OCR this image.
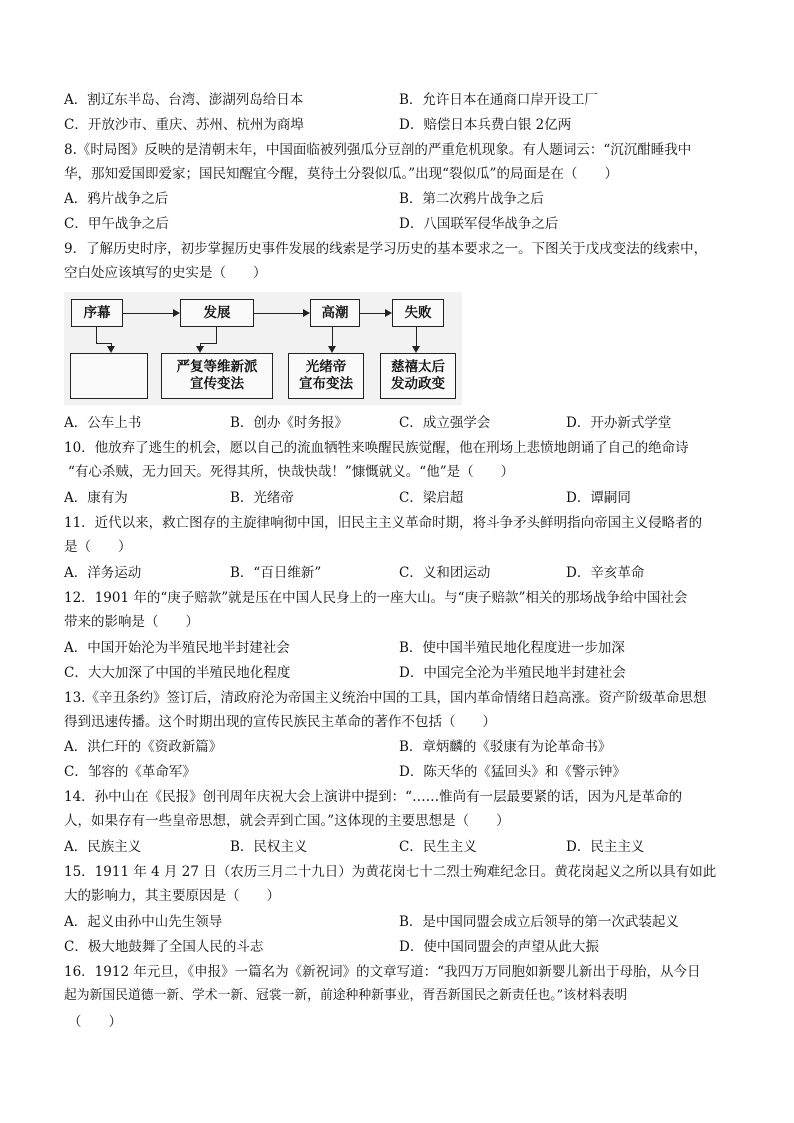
A．割辽东半岛、台湾、澎湖列岛给日本	B．允许日本在通商口岸开设工厂
C．开放沙市、重庆、苏州、杭州为商埠	D．赔偿日本兵费白银 2亿两
8.《时局图》反映的是清朝末年，中国面临被列强瓜分豆剖的严重危机现象。有人题词云：“沉沉酣睡我中
华，那知爱国即爱家；国民知醒宜今醒，莫待土分裂似瓜。”出现“裂似瓜”的局面是在（　　）
A．鸦片战争之后	B．第二次鸦片战争之后
C．甲午战争之后	D．八国联军侵华战争之后
9．了解历史时序，初步掌握历史事件发展的线索是学习历史的基本要求之一。下图关于戊戌变法的线索中，
空白处应该填写的史实是（　　）
序幕	发展	高潮	失败
严复等维新派
宣传变法
光绪帝
宣布变法
慈禧太后
发动政变
A．公车上书	B．创办《时务报》	C．成立强学会	D．开办新式学堂
10．他放弃了逃生的机会，愿以自己的流血牺牲来唤醒民族觉醒，他在刑场上悲愤地朗诵了自己的绝命诗
“有心杀贼，无力回天。死得其所，快哉快哉！”慷慨就义。“他”是（　　）
A．康有为	B．光绪帝	C．梁启超	D．谭嗣同
11．近代以来，救亡图存的主旋律响彻中国，旧民主主义革命时期，将斗争矛头鲜明指向帝国主义侵略者的
是（　　）
A．洋务运动	B．“百日维新”	C．义和团运动	D．辛亥革命
12．1901 年的“庚子赔款”就是压在中国人民身上的一座大山。与“庚子赔款”相关的那场战争给中国社会
带来的影响是（　　）
A．中国开始沦为半殖民地半封建社会	B．使中国半殖民地化程度进一步加深
C．大大加深了中国的半殖民地化程度	D．中国完全沦为半殖民地半封建社会
13.《辛丑条约》签订后，清政府沦为帝国主义统治中国的工具，国内革命情绪日趋高涨。资产阶级革命思想
得到迅速传播。这个时期出现的宣传民族民主革命的著作不包括（　　）
A．洪仁玕的《资政新篇》	B．章炳麟的《驳康有为论革命书》
C．邹容的《革命军》	D．陈天华的《猛回头》和《警示钟》
14．孙中山在《民报》创刊周年庆祝大会上演讲中提到：“……惟尚有一层最要紧的话，因为凡是革命的
人，如果存有一些皇帝思想，就会弄到亡国。”这体现的主要思想是（　　）
A．民族主义	B．民权主义	C．民生主义	D．民主主义
15．1911 年 4 月 27 日（农历三月二十九日）为黄花岗七十二烈士殉难纪念日。黄花岗起义之所以具有如此
大的影响力，其主要原因是（　　）
A．起义由孙中山先生领导	B．是中国同盟会成立后领导的第一次武装起义
C．极大地鼓舞了全国人民的斗志	D．使中国同盟会的声望从此大振
16．1912 年元旦，《申报》一篇名为《新祝词》的文章写道：“我四万万同胞如新婴儿新出于母胎，从今日
起为新国民道德一新、学术一新、冠裳一新，前途种种新事业，胥吾新国民之新责任也。”该材料表明
（　　）
